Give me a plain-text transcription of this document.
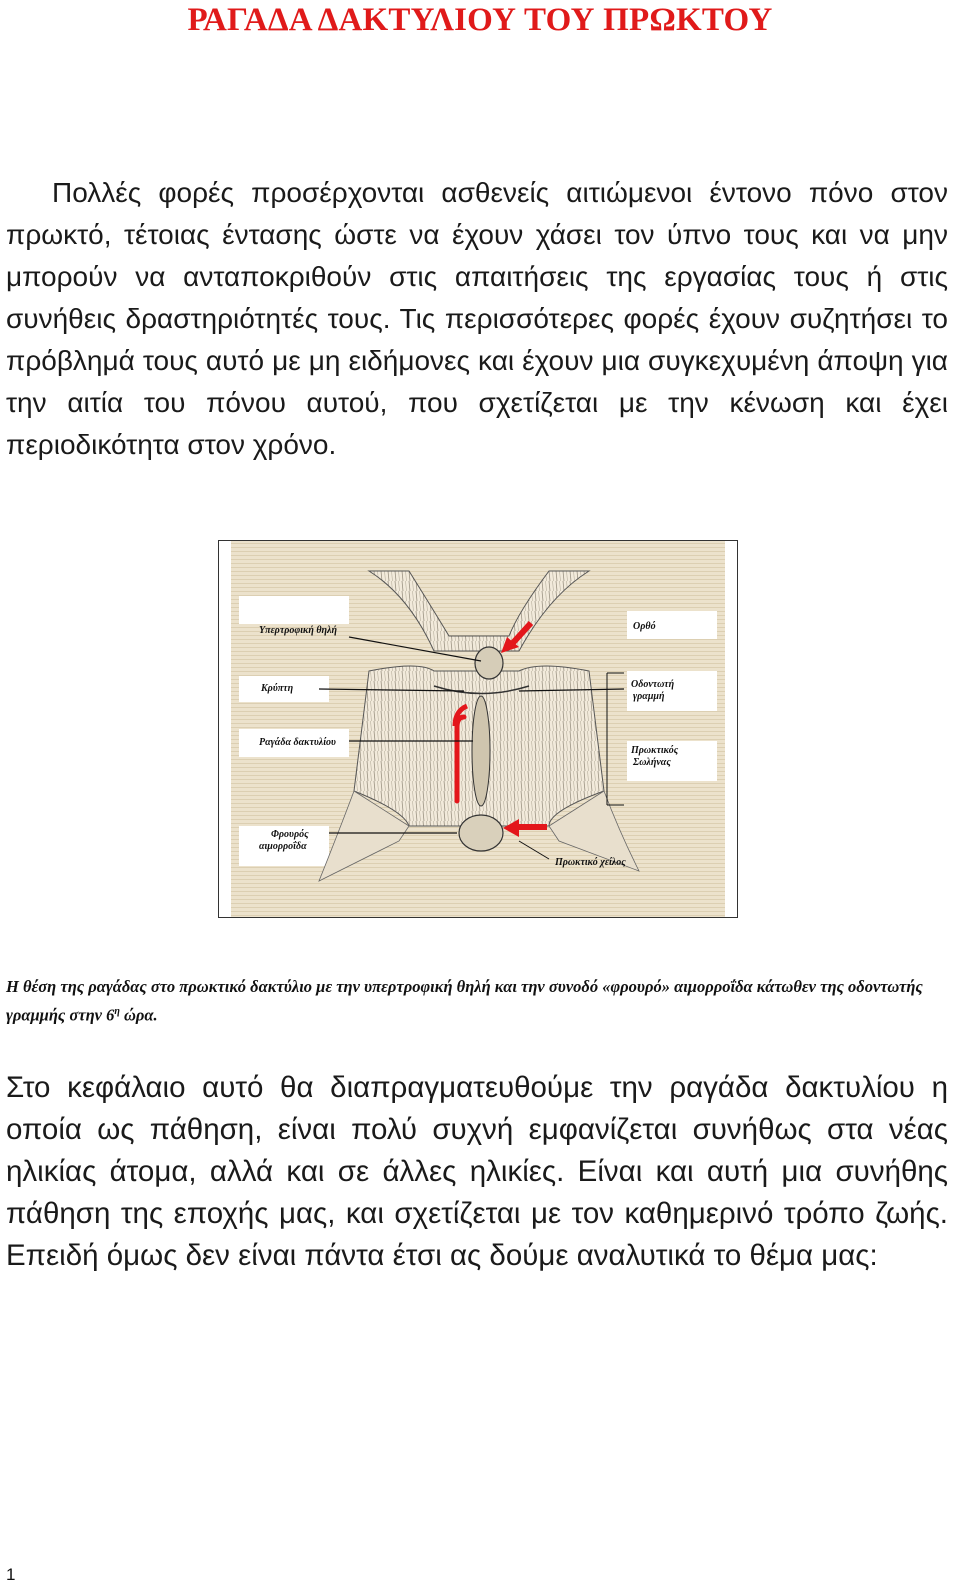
ΡΑΓΑΔΑ ΔΑΚΤΥΛΙΟΥ ΤΟΥ ΠΡΩΚΤΟΥ

Πολλές φορές προσέρχονται ασθενείς αιτιώμενοι έντονο πόνο στον πρωκτό, τέτοιας έντασης ώστε να έχουν χάσει τον ύπνο τους και να μην μπορούν να ανταποκριθούν στις απαιτήσεις της εργασίας τους ή στις συνήθεις δραστηριότητές τους. Τις περισσότερες φορές έχουν συζητήσει το πρόβλημά τους αυτό με μη ειδήμονες και έχουν μια συγκεχυμένη άποψη για την αιτία του πόνου αυτού, που σχετίζεται με την κένωση και έχει περιοδικότητα στον χρόνο.

Υπερτροφική θηλή
Κρύπτη
Ραγάδα δακτυλίου
Φρουρός αιμορροΐδα
Ορθό
Οδοντωτή γραμμή
Πρωκτικός Σωλήνας
Πρωκτικό χείλος

Η θέση της ραγάδας στο πρωκτικό δακτύλιο με την υπερτροφική θηλή και την συνοδό «φρουρό» αιμορροΐδα κάτωθεν της οδοντωτής γραμμής στην $6^\eta$ ώρα.

Στο κεφάλαιο αυτό θα διαπραγματευθούμε την ραγάδα δακτυλίου η οποία ως πάθηση, είναι πολύ συχνή εμφανίζεται συνήθως στα νέας ηλικίας άτομα, αλλά και σε άλλες ηλικίες. Είναι και αυτή μια συνήθης πάθηση της εποχής μας, και σχετίζεται με τον καθημερινό τρόπο ζωής. Επειδή όμως δεν είναι πάντα έτσι ας δούμε αναλυτικά το θέμα μας:

1
